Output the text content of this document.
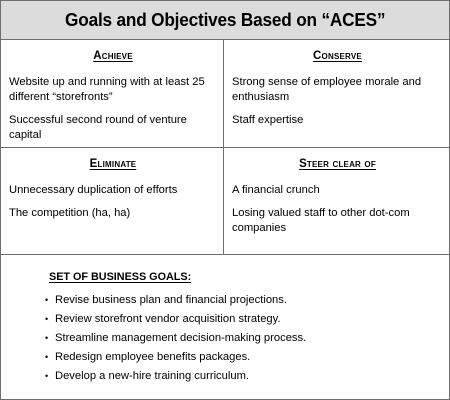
Goals and Objectives Based on “ACES”
Achieve
Website up and running with at least 25 different “storefronts”
Successful second round of venture capital
Conserve
Strong sense of employee morale and enthusiasm
Staff expertise
Eliminate
Unnecessary duplication of efforts
The competition (ha, ha)
Steer clear of
A financial crunch
Losing valued staff to other dot-com companies
SET OF BUSINESS GOALS:
• Revise business plan and financial projections.
• Review storefront vendor acquisition strategy.
• Streamline management decision-making process.
• Redesign employee benefits packages.
• Develop a new-hire training curriculum.
